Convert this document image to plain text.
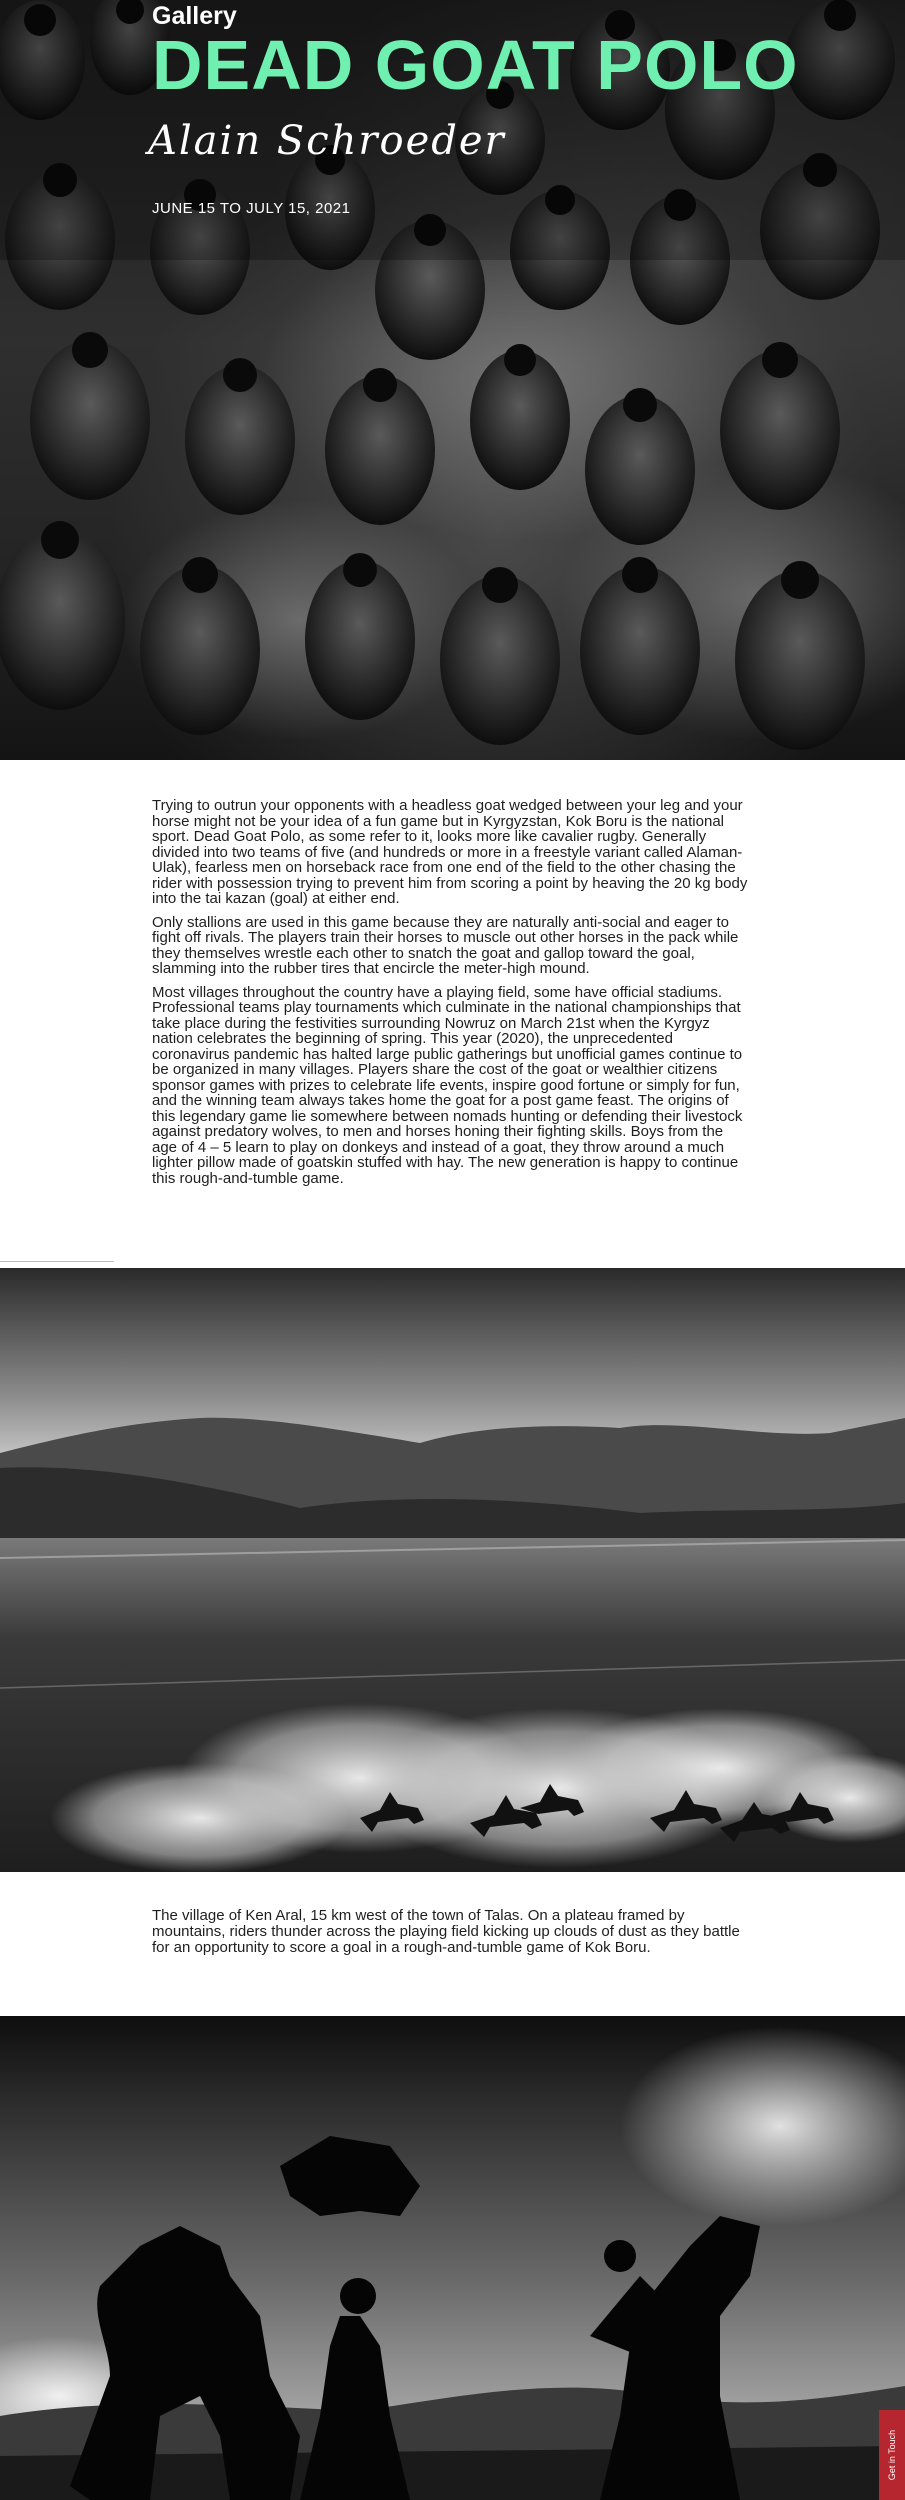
Gallery
DEAD GOAT POLO
Alain Schroeder
JUNE 15 TO JULY 15, 2021

Trying to outrun your opponents with a headless goat wedged between your leg and your horse might not be your idea of a fun game but in Kyrgyzstan, Kok Boru is the national sport. Dead Goat Polo, as some refer to it, looks more like cavalier rugby. Generally divided into two teams of five (and hundreds or more in a freestyle variant called Alaman-Ulak), fearless men on horseback race from one end of the field to the other chasing the rider with possession trying to prevent him from scoring a point by heaving the 20 kg body into the tai kazan (goal) at either end.

Only stallions are used in this game because they are naturally anti-social and eager to fight off rivals. The players train their horses to muscle out other horses in the pack while they themselves wrestle each other to snatch the goat and gallop toward the goal, slamming into the rubber tires that encircle the meter-high mound.

Most villages throughout the country have a playing field, some have official stadiums. Professional teams play tournaments which culminate in the national championships that take place during the festivities surrounding Nowruz on March 21st when the Kyrgyz nation celebrates the beginning of spring. This year (2020), the unprecedented coronavirus pandemic has halted large public gatherings but unofficial games continue to be organized in many villages. Players share the cost of the goat or wealthier citizens sponsor games with prizes to celebrate life events, inspire good fortune or simply for fun, and the winning team always takes home the goat for a post game feast. The origins of this legendary game lie somewhere between nomads hunting or defending their livestock against predatory wolves, to men and horses honing their fighting skills. Boys from the age of 4 – 5 learn to play on donkeys and instead of a goat, they throw around a much lighter pillow made of goatskin stuffed with hay. The new generation is happy to continue this rough-and-tumble game.

The village of Ken Aral, 15 km west of the town of Talas. On a plateau framed by mountains, riders thunder across the playing field kicking up clouds of dust as they battle for an opportunity to score a goal in a rough-and-tumble game of Kok Boru.

Get in Touch
